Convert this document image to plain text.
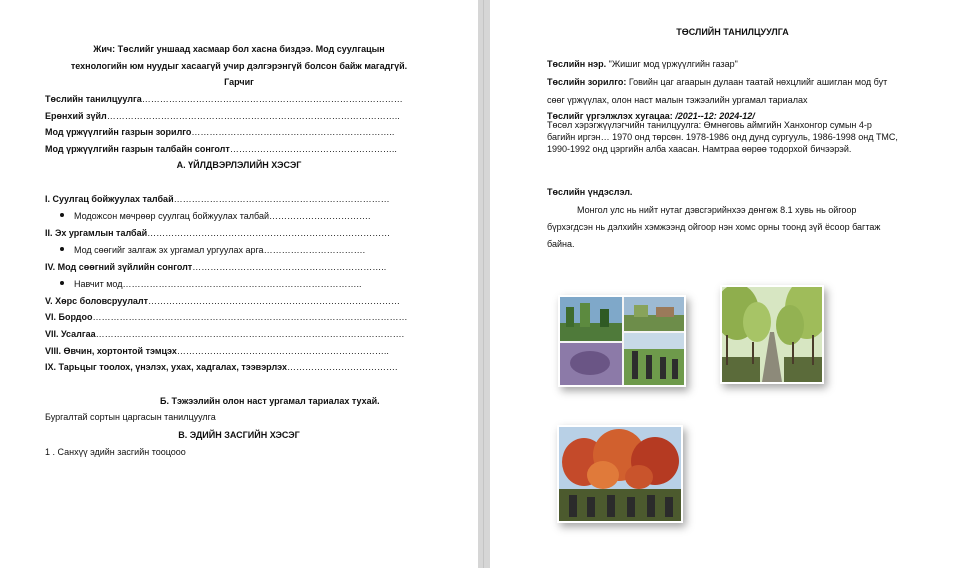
Жич: Төслийг уншаад хасмаар бол хасна биздээ. Мод суулгацын
технологийн юм нуудыг хасаагүй учир дэлгэрэнгүй болсон байж магадгүй.
Гарчиг
Төслийн танилцуулга……………………………………………………………………………
Ерөнхий зүйл……………………………………………………………………………………..
Мод үржүүлгийн газрын зорилго…………………………………………………………..
Мод үржүүлгийн газрын талбайн сонголт………………………………………………..
А. ҮЙЛДВЭРЛЭЛИЙН ХЭСЭГ
I. Суулгац бойжуулах талбай………………………………………………………………
Модожсон мөчрөөр суулгац бойжуулах талбай…………………………….
II. Эх ургамлын талбай………………………………………………………………………
Мод сөөгийг залгаж эх ургамал ургуулах арга…………………………….
IV. Мод сөөгний зүйлийн сонголт………………………………………………………..
Навчит мод……………………………………………………………………..
V. Хөрс боловсруулалт…………………………………………………………………………
VI. Бордоо……………………………………………………………………………………………
VII. Усалгаа………………………………………………………………………………………….
VIII. Өвчин, хортонтой тэмцэх……………………………………………………………..
IX. Тарьцыг тоолох, үнэлэх, ухах, хадгалах, тээвэрлэх……………………………….
Б. Тэжээлийн олон наст ургамал тариалах тухай.
Бургалтай сортын царгасын танилцуулга
В. ЭДИЙН ЗАСГИЙН ХЭСЭГ
1 . Санхүү эдийн засгийн тооцооо
ТӨСЛИЙН ТАНИЛЦУУЛГА
Төслийн нэр. "Жишиг мод үржүүлгийн газар"
Төслийн зорилго: Говийн цаг агаарын дулаан таатай нөхцлийг ашиглан мод бут
сөөг үржүүлах, олон наст малын тэжээлийн ургамал тариалах
Төслийг үргэлжлэх хугацаа: /2021--12: 2024-12/
Төсөл хэрэгжүүлэгчийн танилцуулга: Өмнөговь аймгийн Ханхонгор сумын 4-р
багийн иргэн… 1970 онд төрсөн. 1978-1986 онд дунд сургууль, 1986-1998 онд ТМС,
1990-1992 онд цэргийн алба хаасан. Намтраа өөрөө тодорхой бичээрэй.
Төслийн үндэслэл.
Монгол улс нь нийт нутаг дэвсгэрийнхээ дөнгөж 8.1 хувь нь ойгоор
бүрхэгдсэн нь дэлхийн хэмжээнд ойгоор нэн хомс орны тоонд зүй ёсоор багтаж
байна.
